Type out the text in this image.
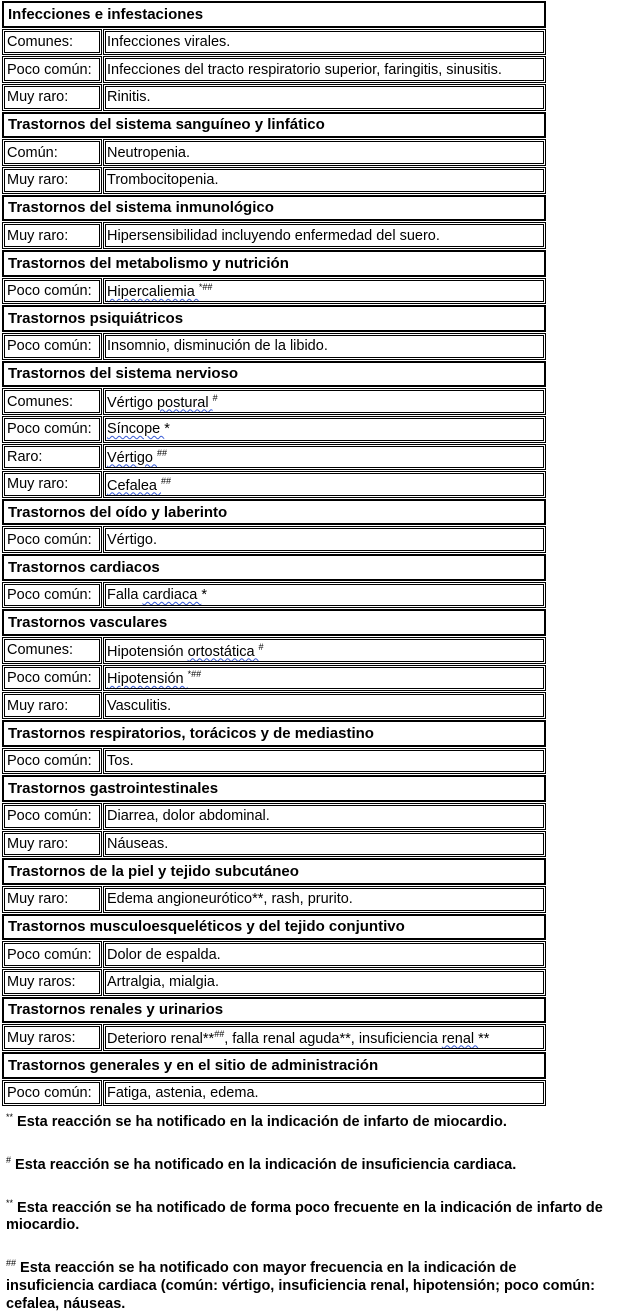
Infecciones e infestaciones
Comunes:	Infecciones virales.
Poco común:	Infecciones del tracto respiratorio superior, faringitis, sinusitis.
Muy raro:	Rinitis.
Trastornos del sistema sanguíneo y linfático
Común:	Neutropenia.
Muy raro:	Trombocitopenia.
Trastornos del sistema inmunológico
Muy raro:	Hipersensibilidad incluyendo enfermedad del suero.
Trastornos del metabolismo y nutrición
Poco común:	Hipercaliemia *##
Trastornos psiquiátricos
Poco común:	Insomnio, disminución de la libido.
Trastornos del sistema nervioso
Comunes:	Vértigo postural #
Poco común:	Síncope *
Raro:	Vértigo ##
Muy raro:	Cefalea ##
Trastornos del oído y laberinto
Poco común:	Vértigo.
Trastornos cardiacos
Poco común:	Falla cardiaca *
Trastornos vasculares
Comunes:	Hipotensión ortostática #
Poco común:	Hipotensión *##
Muy raro:	Vasculitis.
Trastornos respiratorios, torácicos y de mediastino
Poco común:	Tos.
Trastornos gastrointestinales
Poco común:	Diarrea, dolor abdominal.
Muy raro:	Náuseas.
Trastornos de la piel y tejido subcutáneo
Muy raro:	Edema angioneurótico**, rash, prurito.
Trastornos musculoesqueléticos y del tejido conjuntivo
Poco común:	Dolor de espalda.
Muy raros:	Artralgia, mialgia.
Trastornos renales y urinarios
Muy raros:	Deterioro renal**##, falla renal aguda**, insuficiencia renal **
Trastornos generales y en el sitio de administración
Poco común:	Fatiga, astenia, edema.

** Esta reacción se ha notificado en la indicación de infarto de miocardio.

# Esta reacción se ha notificado en la indicación de insuficiencia cardiaca.

** Esta reacción se ha notificado de forma poco frecuente en la indicación de infarto de miocardio.

## Esta reacción se ha notificado con mayor frecuencia en la indicación de insuficiencia cardiaca (común: vértigo, insuficiencia renal, hipotensión; poco común: cefalea, náuseas.
